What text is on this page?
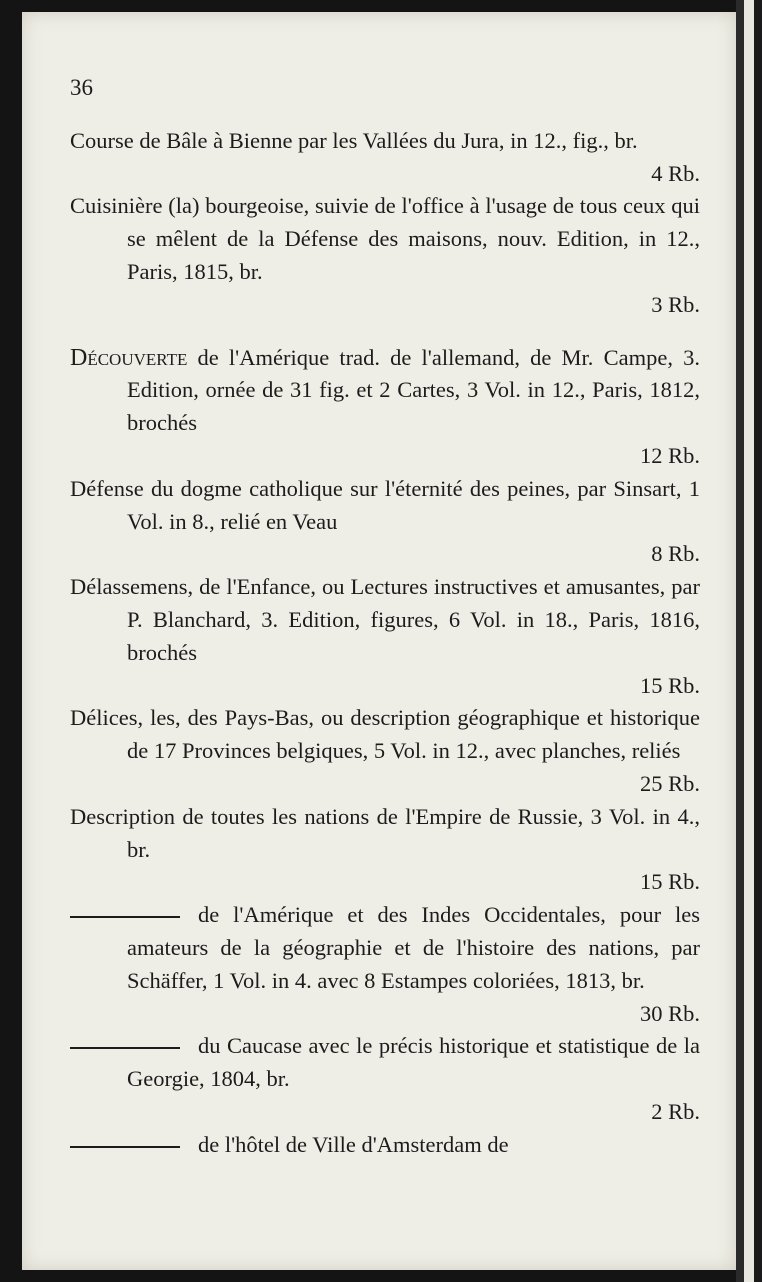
36

Course de Bâle à Bienne par les Vallées du Jura, in 12., fig., br.
4 Rb.

Cuisinière (la) bourgeoise, suivie de l'office à l'usage de tous ceux qui se mêlent de la Défense des maisons, nouv. Edition, in 12., Paris, 1815, br.
3 Rb.

Découverte de l'Amérique trad. de l'allemand, de Mr. Campe, 3. Edition, ornée de 31 fig. et 2 Cartes, 3 Vol. in 12., Paris, 1812, brochés
12 Rb.

Défense du dogme catholique sur l'éternité des peines, par Sinsart, 1 Vol. in 8., relié en Veau
8 Rb.

Délassemens, de l'Enfance, ou Lectures instructives et amusantes, par P. Blanchard, 3. Edition, figures, 6 Vol. in 18., Paris, 1816, brochés
15 Rb.

Délices, les, des Pays-Bas, ou description géographique et historique de 17 Provinces belgiques, 5 Vol. in 12., avec planches, reliés
25 Rb.

Description de toutes les nations de l'Empire de Russie, 3 Vol. in 4., br.
15 Rb.

de l'Amérique et des Indes Occidentales, pour les amateurs de la géographie et de l'histoire des nations, par Schäffer, 1 Vol. in 4. avec 8 Estampes coloriées, 1813, br.
30 Rb.

du Caucase avec le précis historique et statistique de la Georgie, 1804, br.
2 Rb.

de l'hôtel de Ville d'Amsterdam de
